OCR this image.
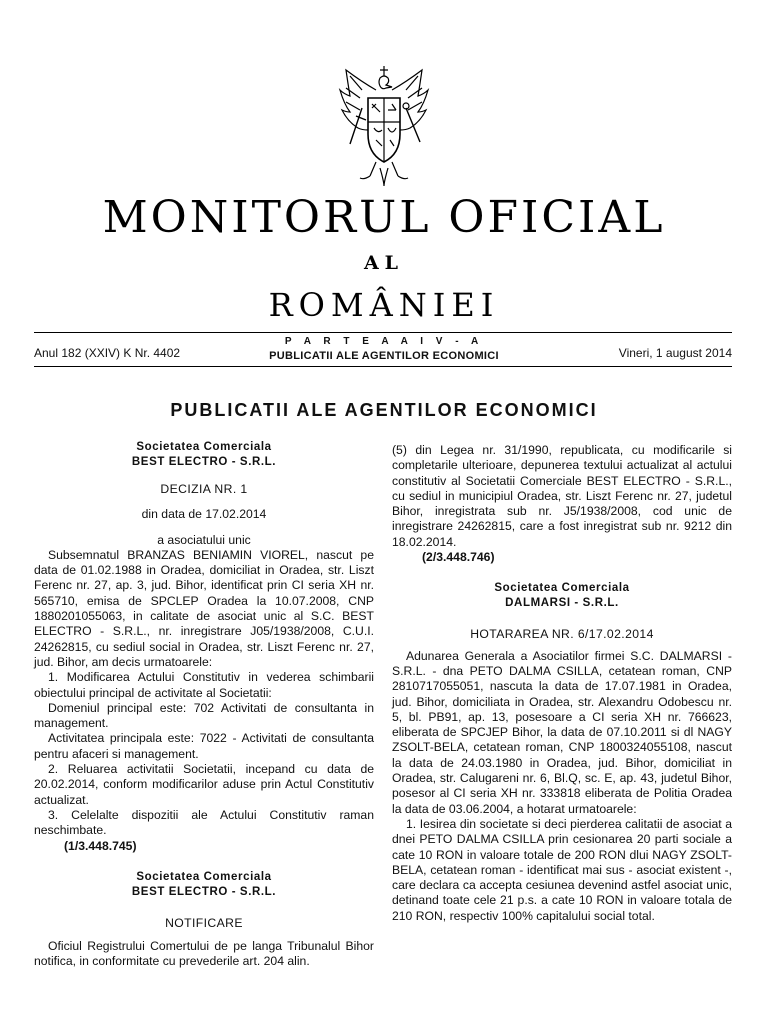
MONITORUL OFICIAL
AL
ROMÂNIEI
Anul 182 (XXIV) K Nr. 4402
P A R T E A A I V - A
PUBLICATII ALE AGENTILOR ECONOMICI	Vineri, 1 august 2014
PUBLICATII ALE AGENTILOR ECONOMICI
Societatea Comerciala
BEST ELECTRO - S.R.L.
DECIZIA NR. 1
din data de 17.02.2014
a asociatului unic

Subsemnatul BRANZAS BENIAMIN VIOREL, nascut pe data de 01.02.1988 in Oradea, domiciliat in Oradea, str. Liszt Ferenc nr. 27, ap. 3, jud. Bihor, identificat prin CI seria XH nr. 565710, emisa de SPCLEP Oradea la 10.07.2008, CNP 1880201055063, in calitate de asociat unic al S.C. BEST ELECTRO - S.R.L., nr. inregistrare J05/1938/2008, C.U.I. 24262815, cu sediul social in Oradea, str. Liszt Ferenc nr. 27, jud. Bihor, am decis urmatoarele:

1. Modificarea Actului Constitutiv in vederea schimbarii obiectului principal de activitate al Societatii:

Domeniul principal este: 702 Activitati de consultanta in management.

Activitatea principala este: 7022 - Activitati de consultanta pentru afaceri si management.

2. Reluarea activitatii Societatii, incepand cu data de 20.02.2014, conform modificarilor aduse prin Actul Constitutiv actualizat.

3. Celelalte dispozitii ale Actului Constitutiv raman neschimbate.

(1/3.448.745)
Societatea Comerciala
BEST ELECTRO - S.R.L.
NOTIFICARE

Oficiul Registrului Comertului de pe langa Tribunalul Bihor notifica, in conformitate cu prevederile art. 204 alin.

(5) din Legea nr. 31/1990, republicata, cu modificarile si completarile ulterioare, depunerea textului actualizat al actului constitutiv al Societatii Comerciale BEST ELECTRO - S.R.L., cu sediul in municipiul Oradea, str. Liszt Ferenc nr. 27, judetul Bihor, inregistrata sub nr. J5/1938/2008, cod unic de inregistrare 24262815, care a fost inregistrat sub nr. 9212 din 18.02.2014.

(2/3.448.746)
Societatea Comerciala
DALMARSI - S.R.L.
HOTARAREA NR. 6/17.02.2014

Adunarea Generala a Asociatilor firmei S.C. DALMARSI - S.R.L. - dna PETO DALMA CSILLA, cetatean roman, CNP 2810717055051, nascuta la data de 17.07.1981 in Oradea, jud. Bihor, domiciliata in Oradea, str. Alexandru Odobescu nr. 5, bl. PB91, ap. 13, posesoare a CI seria XH nr. 766623, eliberata de SPCJEP Bihor, la data de 07.10.2011 si dl NAGY ZSOLT-BELA, cetatean roman, CNP 1800324055108, nascut la data de 24.03.1980 in Oradea, jud. Bihor, domiciliat in Oradea, str. Calugareni nr. 6, Bl.Q, sc. E, ap. 43, judetul Bihor, posesor al CI seria XH nr. 333818 eliberata de Politia Oradea la data de 03.06.2004, a hotarat urmatoarele:

1. Iesirea din societate si deci pierderea calitatii de asociat a dnei PETO DALMA CSILLA prin cesionarea 20 parti sociale a cate 10 RON in valoare totale de 200 RON dlui NAGY ZSOLT-BELA, cetatean roman - identificat mai sus - asociat existent -, care declara ca accepta cesiunea devenind astfel asociat unic, detinand toate cele 21 p.s. a cate 10 RON in valoare totala de 210 RON, respectiv 100% capitalului social total.
